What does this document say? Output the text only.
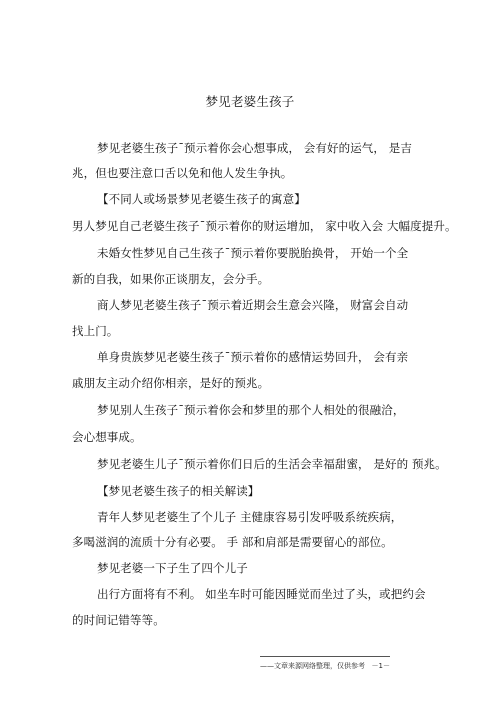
梦见老婆生孩子
梦见老婆生孩子¯预示着你会心想事成， 会有好的运气， 是吉
兆，但也要注意口舌以免和他人发生争执。
【不同人或场景梦见老婆生孩子的寓意】
男人梦见自己老婆生孩子¯预示着你的财运增加， 家中收入会 大幅度提升。
未婚女性梦见自己生孩子¯预示着你要脱胎换骨， 开始一个全
新的自我，如果你正谈朋友，会分手。
商人梦见老婆生孩子¯预示着近期会生意会兴隆， 财富会自动
找上门。
单身贵族梦见老婆生孩子¯预示着你的感情运势回升， 会有亲
戚朋友主动介绍你相亲，是好的预兆。
梦见别人生孩子¯预示着你会和梦里的那个人相处的很融洽，
会心想事成。
梦见老婆生儿子¯预示着你们日后的生活会幸福甜蜜， 是好的 预兆。
【梦见老婆生孩子的相关解读】
青年人梦见老婆生了个儿子 主健康容易引发呼吸系统疾病，
多喝滋润的流质十分有必要。 手 部和肩部是需要留心的部位。
梦见老婆一下子生了四个儿子
出行方面将有不利。 如坐车时可能因睡觉而坐过了头，或把约会
的时间记错等等。
——文章来源网络整理，仅供参考 －1－
